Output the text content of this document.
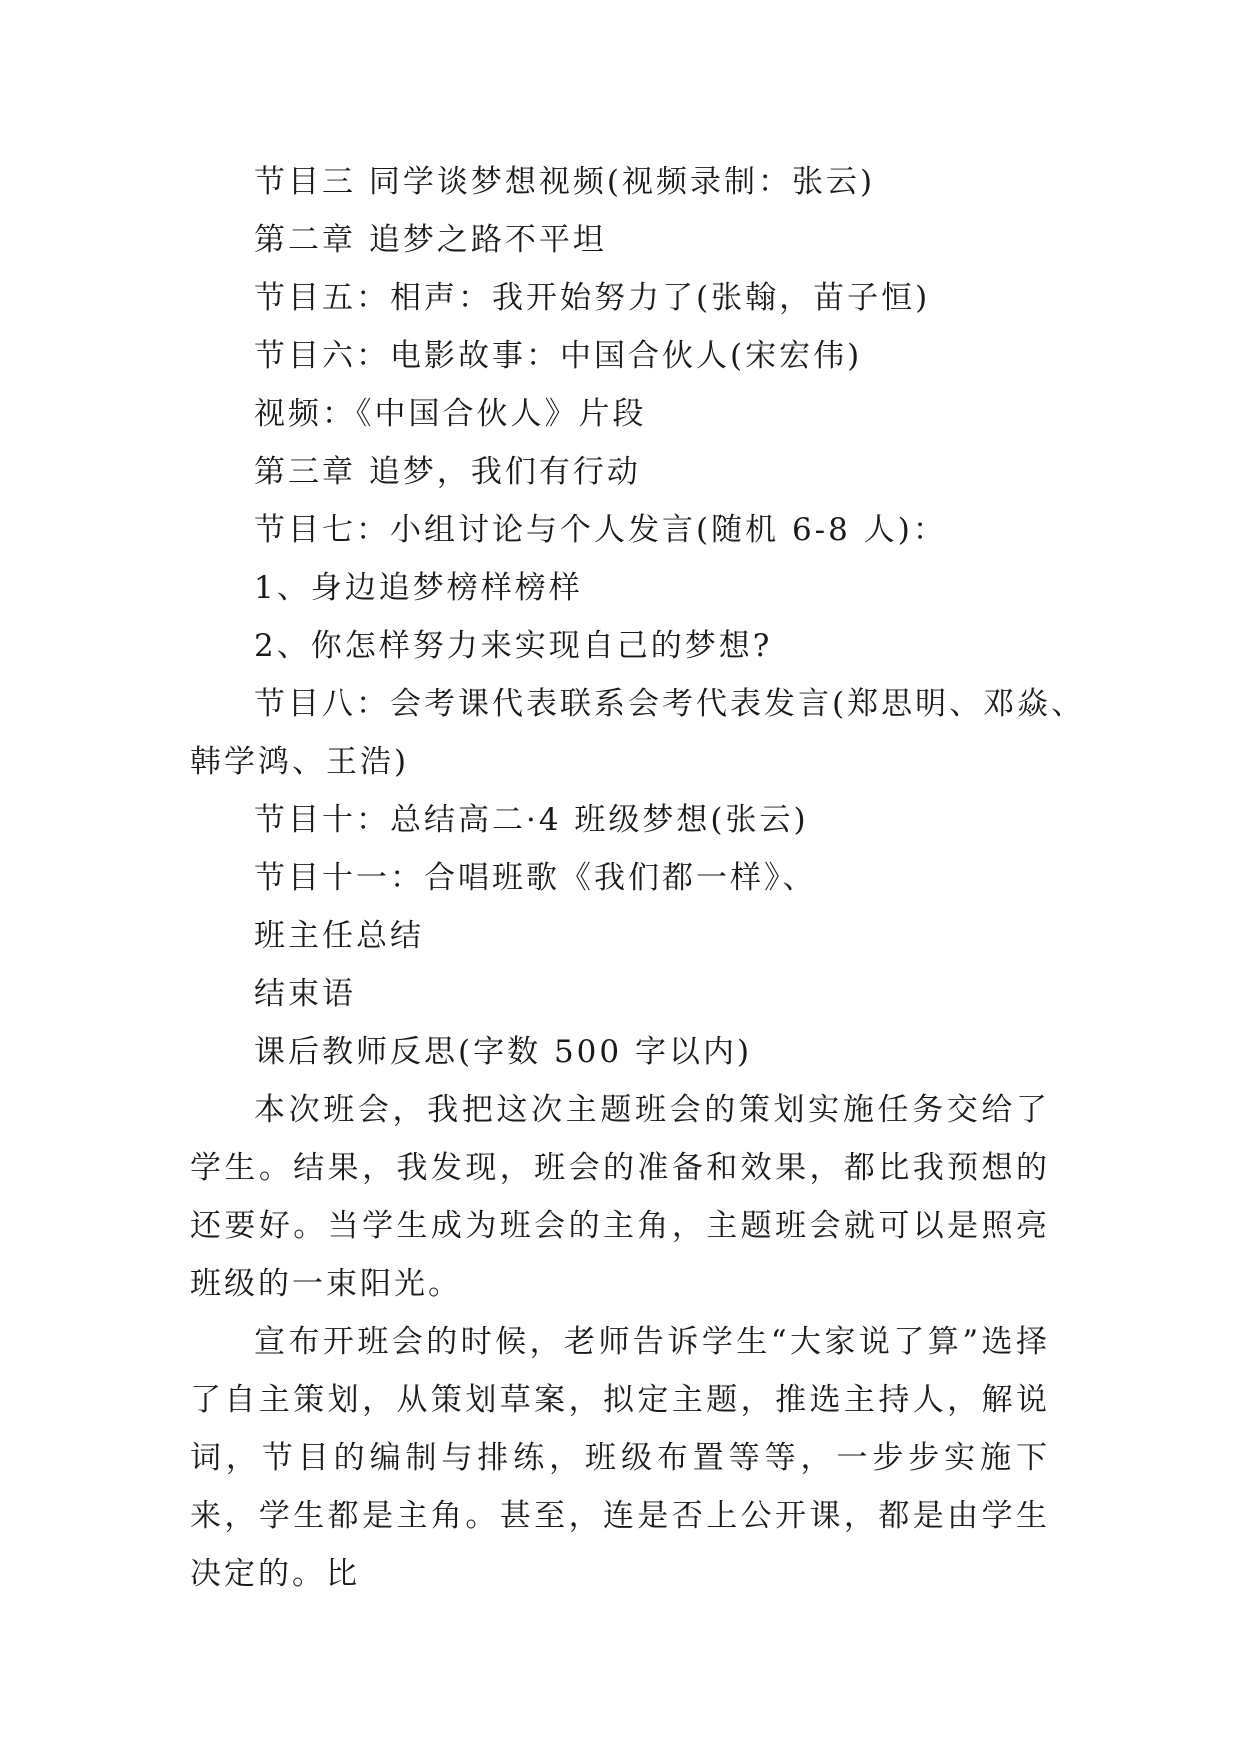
节目三 同学谈梦想视频(视频录制：张云)
第二章 追梦之路不平坦
节目五：相声：我开始努力了(张翰，苗子恒)
节目六：电影故事：中国合伙人(宋宏伟)
视频：《中国合伙人》片段
第三章 追梦，我们有行动
节目七：小组讨论与个人发言(随机 6-8 人)：
1、身边追梦榜样榜样
2、你怎样努力来实现自己的梦想?
节目八：会考课代表联系会考代表发言(郑思明、邓焱、
韩学鸿、王浩)
节目十：总结高二·4 班级梦想(张云)
节目十一：合唱班歌《我们都一样》、
班主任总结
结束语
课后教师反思(字数 500 字以内)

本次班会，我把这次主题班会的策划实施任务交给了学生。结果，我发现，班会的准备和效果，都比我预想的还要好。当学生成为班会的主角，主题班会就可以是照亮班级的一束阳光。

宣布开班会的时候，老师告诉学生“大家说了算”选择了自主策划，从策划草案，拟定主题，推选主持人，解说词，节目的编制与排练，班级布置等等，一步步实施下来，学生都是主角。甚至，连是否上公开课，都是由学生决定的。比
